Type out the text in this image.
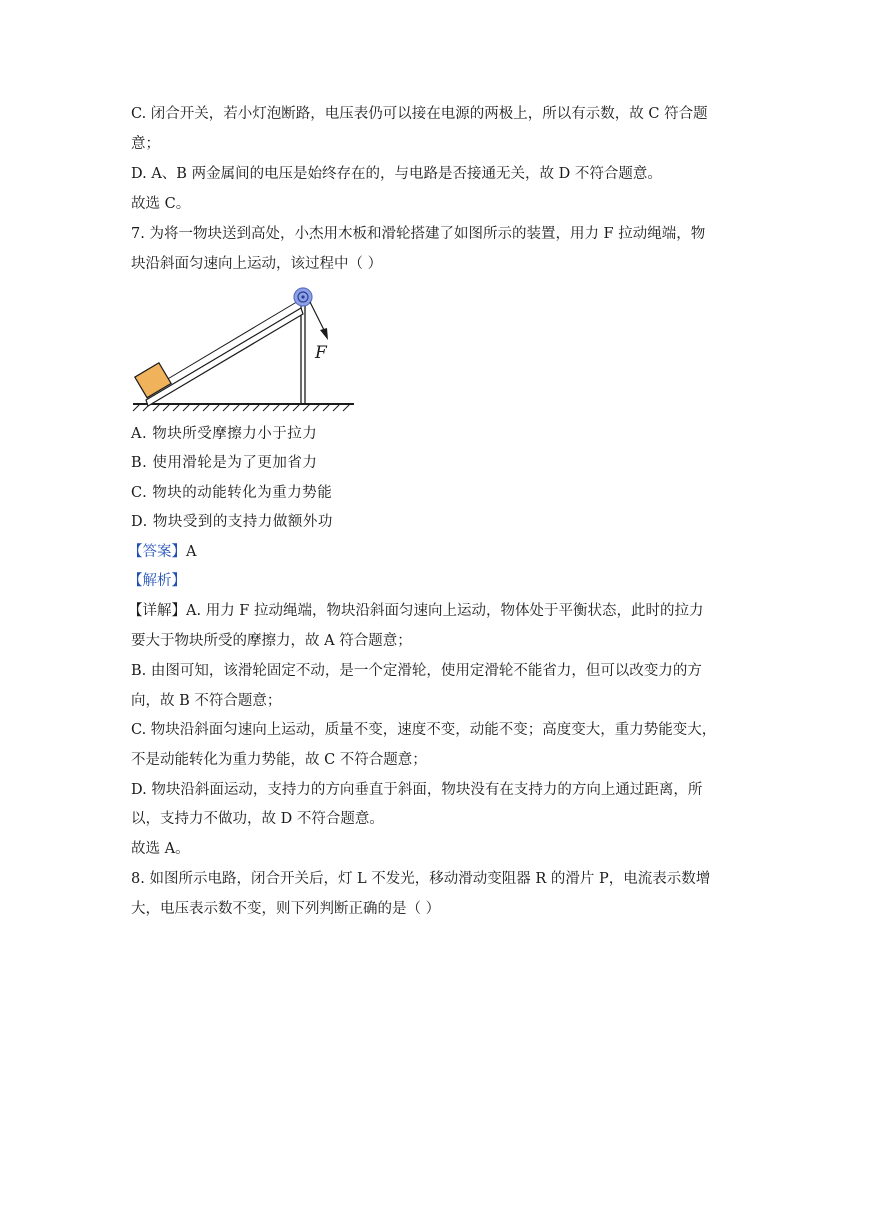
C. 闭合开关，若小灯泡断路，电压表仍可以接在电源的两极上，所以有示数，故 C 符合题
意；
D. A、B 两金属间的电压是始终存在的，与电路是否接通无关，故 D 不符合题意。
故选 C。
7. 为将一物块送到高处，小杰用木板和滑轮搭建了如图所示的装置，用力 F 拉动绳端，物
块沿斜面匀速向上运动，该过程中（ ）
F
A. 物块所受摩擦力小于拉力
B. 使用滑轮是为了更加省力
C. 物块的动能转化为重力势能
D. 物块受到的支持力做额外功
【答案】A
【解析】
【详解】A. 用力 F 拉动绳端，物块沿斜面匀速向上运动，物体处于平衡状态，此时的拉力
要大于物块所受的摩擦力，故 A 符合题意；
B. 由图可知，该滑轮固定不动，是一个定滑轮，使用定滑轮不能省力，但可以改变力的方
向，故 B 不符合题意；
C. 物块沿斜面匀速向上运动，质量不变，速度不变，动能不变；高度变大，重力势能变大，
不是动能转化为重力势能，故 C 不符合题意；
D. 物块沿斜面运动，支持力的方向垂直于斜面，物块没有在支持力的方向上通过距离，所
以，支持力不做功，故 D 不符合题意。
故选 A。
8. 如图所示电路，闭合开关后，灯 L 不发光，移动滑动变阻器 R 的滑片 P，电流表示数增
大，电压表示数不变，则下列判断正确的是（ ）
